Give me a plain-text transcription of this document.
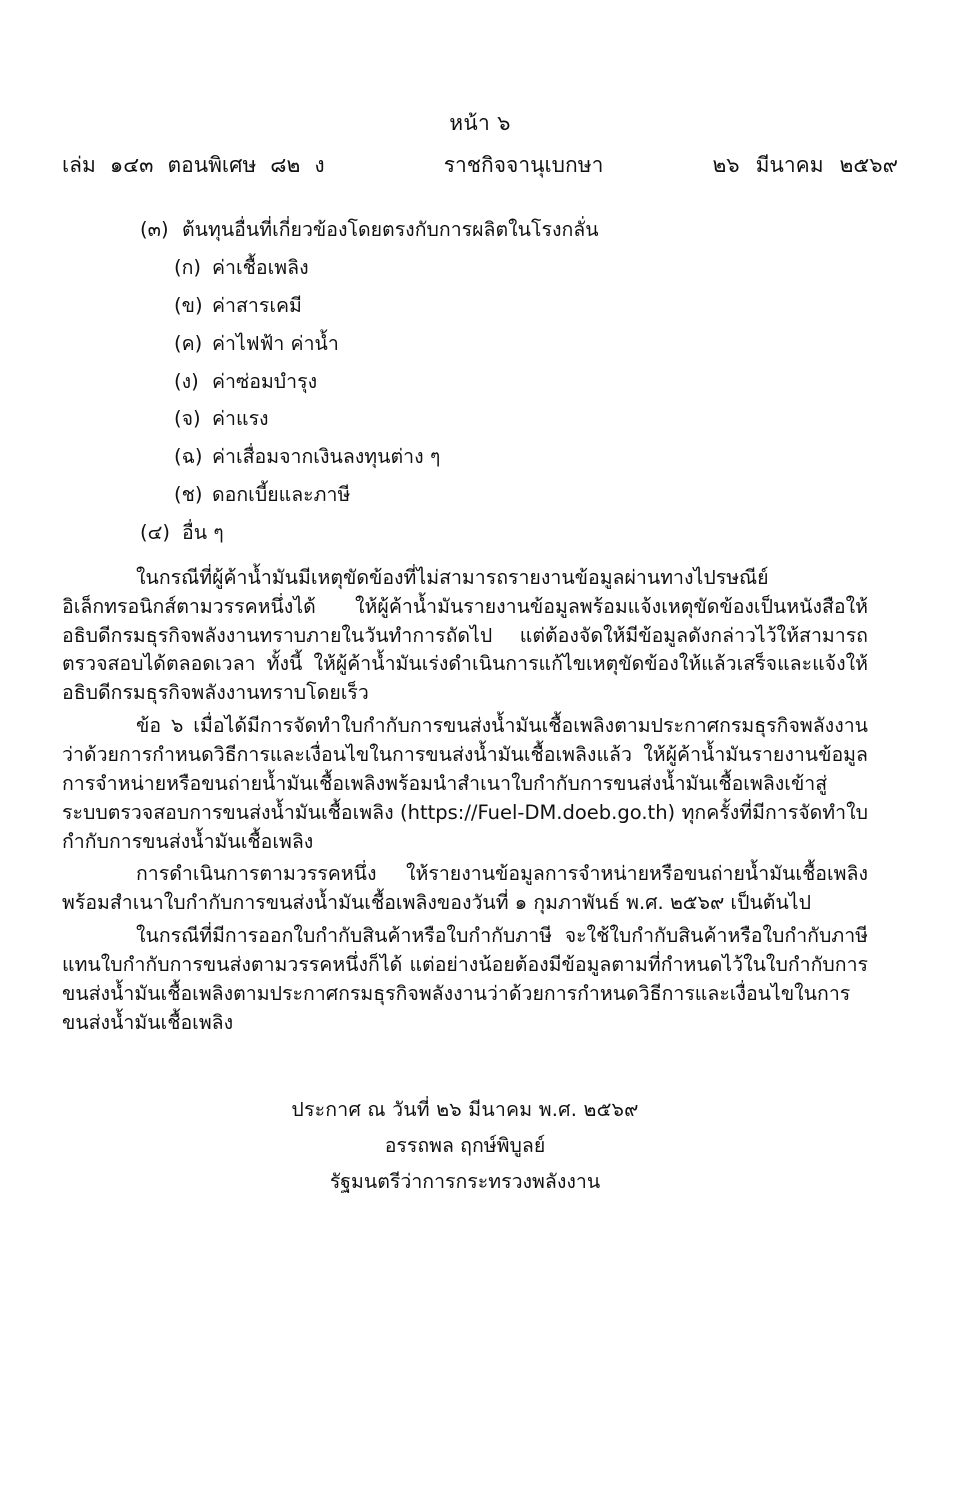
หน้า ๖
เล่ม ๑๔๓ ตอนพิเศษ ๘๒ ง	ราชกิจจานุเบกษา	๒๖ มีนาคม ๒๕๖๙
(๓) ต้นทุนอื่นที่เกี่ยวข้องโดยตรงกับการผลิตในโรงกลั่น
(ก) ค่าเชื้อเพลิง
(ข) ค่าสารเคมี
(ค) ค่าไฟฟ้า ค่าน้ำ
(ง) ค่าซ่อมบำรุง
(จ) ค่าแรง
(ฉ) ค่าเสื่อมจากเงินลงทุนต่าง ๆ
(ช) ดอกเบี้ยและภาษี
(๔) อื่น ๆ

ในกรณีที่ผู้ค้าน้ำมันมีเหตุขัดข้องที่ไม่สามารถรายงานข้อมูลผ่านทางไปรษณีย์อิเล็กทรอนิกส์ตามวรรคหนึ่งได้ ให้ผู้ค้าน้ำมันรายงานข้อมูลพร้อมแจ้งเหตุขัดข้องเป็นหนังสือให้อธิบดีกรมธุรกิจพลังงานทราบภายในวันทำการถัดไป แต่ต้องจัดให้มีข้อมูลดังกล่าวไว้ให้สามารถตรวจสอบได้ตลอดเวลา ทั้งนี้ ให้ผู้ค้าน้ำมันเร่งดำเนินการแก้ไขเหตุขัดข้องให้แล้วเสร็จและแจ้งให้อธิบดีกรมธุรกิจพลังงานทราบโดยเร็ว

ข้อ ๖ เมื่อได้มีการจัดทำใบกำกับการขนส่งน้ำมันเชื้อเพลิงตามประกาศกรมธุรกิจพลังงานว่าด้วยการกำหนดวิธีการและเงื่อนไขในการขนส่งน้ำมันเชื้อเพลิงแล้ว ให้ผู้ค้าน้ำมันรายงานข้อมูลการจำหน่ายหรือขนถ่ายน้ำมันเชื้อเพลิงพร้อมนำสำเนาใบกำกับการขนส่งน้ำมันเชื้อเพลิงเข้าสู่ระบบตรวจสอบการขนส่งน้ำมันเชื้อเพลิง (https://Fuel-DM.doeb.go.th) ทุกครั้งที่มีการจัดทำใบกำกับการขนส่งน้ำมันเชื้อเพลิง

การดำเนินการตามวรรคหนึ่ง ให้รายงานข้อมูลการจำหน่ายหรือขนถ่ายน้ำมันเชื้อเพลิงพร้อมสำเนาใบกำกับการขนส่งน้ำมันเชื้อเพลิงของวันที่ ๑ กุมภาพันธ์ พ.ศ. ๒๕๖๙ เป็นต้นไป

ในกรณีที่มีการออกใบกำกับสินค้าหรือใบกำกับภาษี จะใช้ใบกำกับสินค้าหรือใบกำกับภาษีแทนใบกำกับการขนส่งตามวรรคหนึ่งก็ได้ แต่อย่างน้อยต้องมีข้อมูลตามที่กำหนดไว้ในใบกำกับการขนส่งน้ำมันเชื้อเพลิงตามประกาศกรมธุรกิจพลังงานว่าด้วยการกำหนดวิธีการและเงื่อนไขในการขนส่งน้ำมันเชื้อเพลิง

ประกาศ ณ วันที่ ๒๖ มีนาคม พ.ศ. ๒๕๖๙
อรรถพล ฤกษ์พิบูลย์
รัฐมนตรีว่าการกระทรวงพลังงาน
